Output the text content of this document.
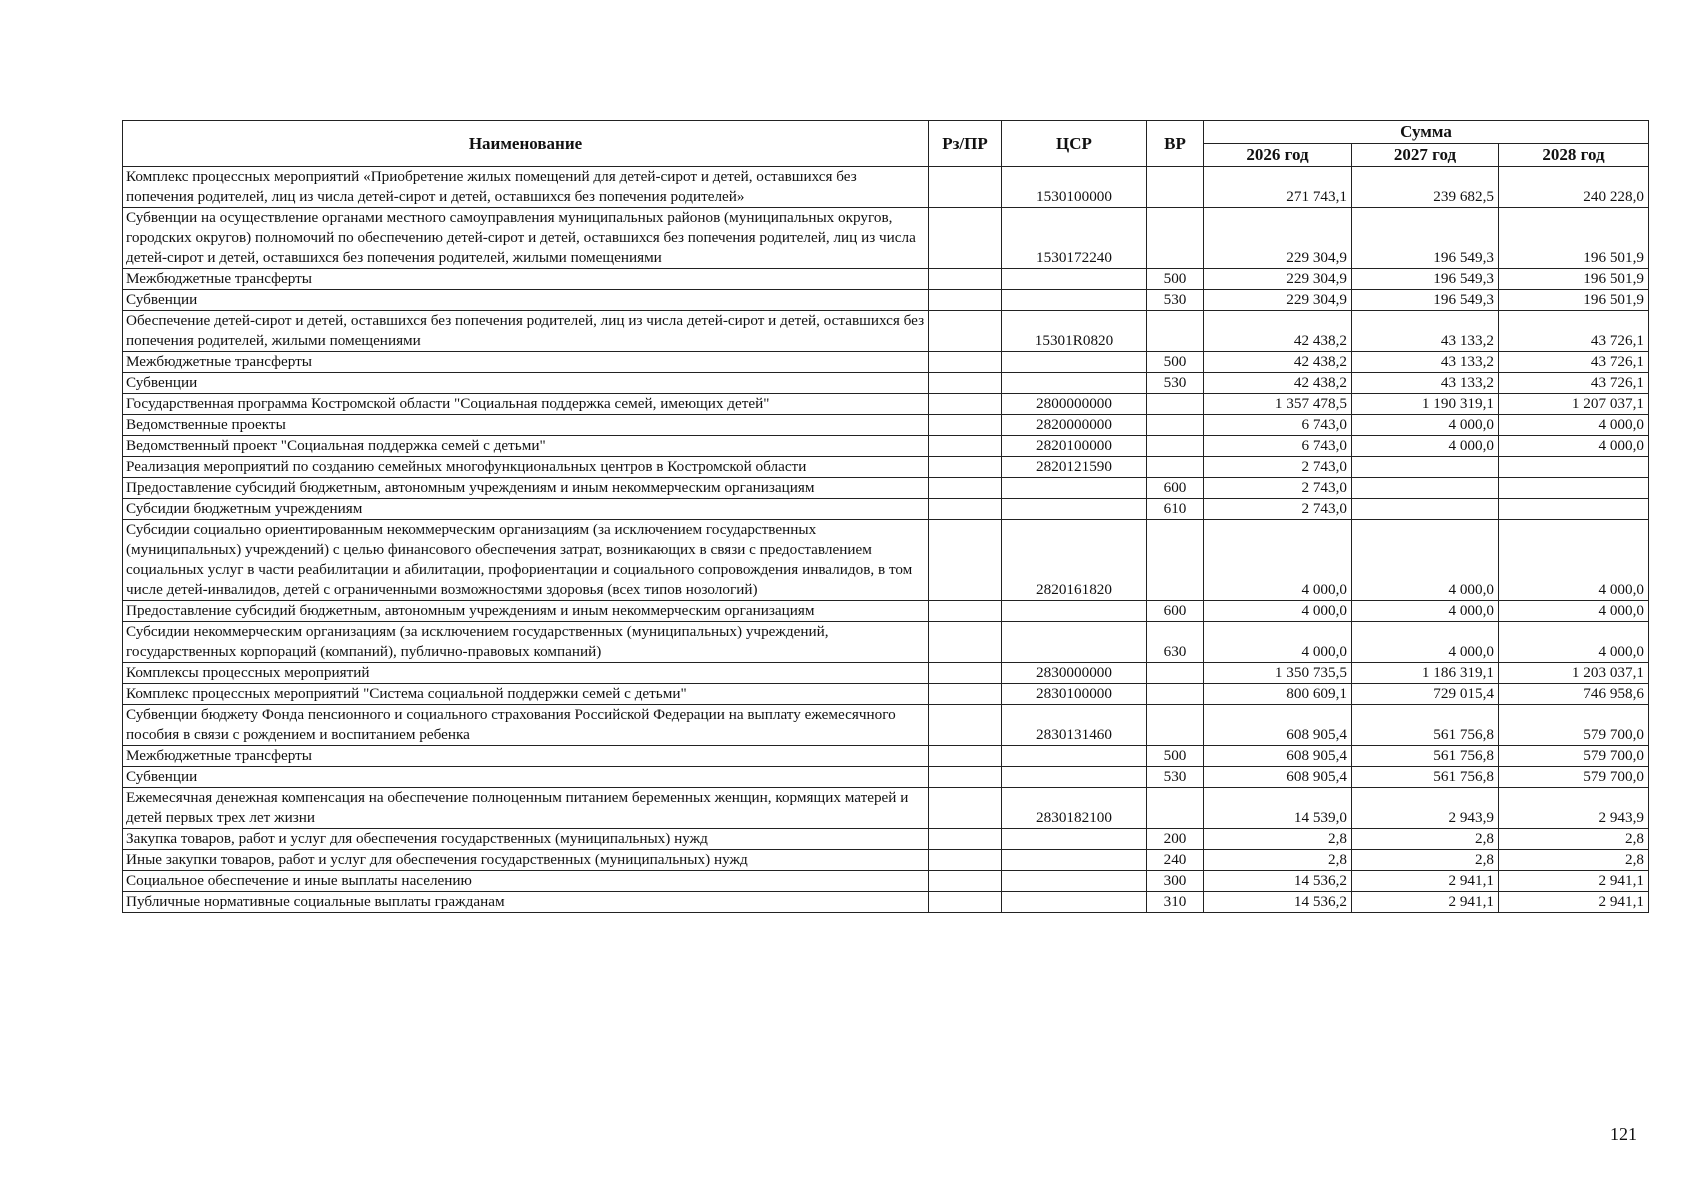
Наименование	Рз/ПР	ЦСР	ВР	Сумма		
				2026 год	2027 год	2028 год
Комплекс процессных мероприятий «Приобретение жилых помещений для детей-сирот и детей, оставшихся без попечения родителей, лиц из числа детей-сирот и детей, оставшихся без попечения родителей»		1530100000		271 743,1	239 682,5	240 228,0
Субвенции на осуществление органами местного самоуправления муниципальных районов (муниципальных округов, городских округов) полномочий по обеспечению детей-сирот и детей, оставшихся без попечения родителей, лиц из числа детей-сирот и детей, оставшихся без попечения родителей, жилыми помещениями		1530172240		229 304,9	196 549,3	196 501,9
Межбюджетные трансферты			500	229 304,9	196 549,3	196 501,9
Субвенции			530	229 304,9	196 549,3	196 501,9
Обеспечение детей-сирот и детей, оставшихся без попечения родителей, лиц из числа детей-сирот и детей, оставшихся без попечения родителей, жилыми помещениями		15301R0820		42 438,2	43 133,2	43 726,1
Межбюджетные трансферты			500	42 438,2	43 133,2	43 726,1
Субвенции			530	42 438,2	43 133,2	43 726,1
Государственная программа Костромской области "Социальная поддержка семей, имеющих детей"		2800000000		1 357 478,5	1 190 319,1	1 207 037,1
Ведомственные проекты		2820000000		6 743,0	4 000,0	4 000,0
Ведомственный проект "Социальная поддержка семей с детьми"		2820100000		6 743,0	4 000,0	4 000,0
Реализация мероприятий по созданию семейных многофункциональных центров в Костромской области		2820121590		2 743,0		
Предоставление субсидий бюджетным, автономным учреждениям и иным некоммерческим организациям			600	2 743,0		
Субсидии бюджетным учреждениям			610	2 743,0		
Субсидии социально ориентированным некоммерческим организациям (за исключением государственных (муниципальных) учреждений) с целью финансового обеспечения затрат, возникающих в связи с предоставлением социальных услуг в части реабилитации и абилитации, профориентации и социального сопровождения инвалидов, в том числе детей-инвалидов, детей с ограниченными возможностями здоровья (всех типов нозологий)		2820161820		4 000,0	4 000,0	4 000,0
Предоставление субсидий бюджетным, автономным учреждениям и иным некоммерческим организациям			600	4 000,0	4 000,0	4 000,0
Субсидии некоммерческим организациям (за исключением государственных (муниципальных) учреждений, государственных корпораций (компаний), публично-правовых компаний)			630	4 000,0	4 000,0	4 000,0
Комплексы процессных мероприятий		2830000000		1 350 735,5	1 186 319,1	1 203 037,1
Комплекс процессных мероприятий "Система социальной поддержки семей с детьми"		2830100000		800 609,1	729 015,4	746 958,6
Субвенции бюджету Фонда пенсионного и социального страхования Российской Федерации на выплату ежемесячного пособия в связи с рождением и воспитанием ребенка		2830131460		608 905,4	561 756,8	579 700,0
Межбюджетные трансферты			500	608 905,4	561 756,8	579 700,0
Субвенции			530	608 905,4	561 756,8	579 700,0
Ежемесячная денежная компенсация на обеспечение полноценным питанием беременных женщин, кормящих матерей и детей первых трех лет жизни		2830182100		14 539,0	2 943,9	2 943,9
Закупка товаров, работ и услуг для обеспечения государственных (муниципальных) нужд			200	2,8	2,8	2,8
Иные закупки товаров, работ и услуг для обеспечения государственных (муниципальных) нужд			240	2,8	2,8	2,8
Социальное обеспечение и иные выплаты населению			300	14 536,2	2 941,1	2 941,1
Публичные нормативные социальные выплаты гражданам			310	14 536,2	2 941,1	2 941,1
121
